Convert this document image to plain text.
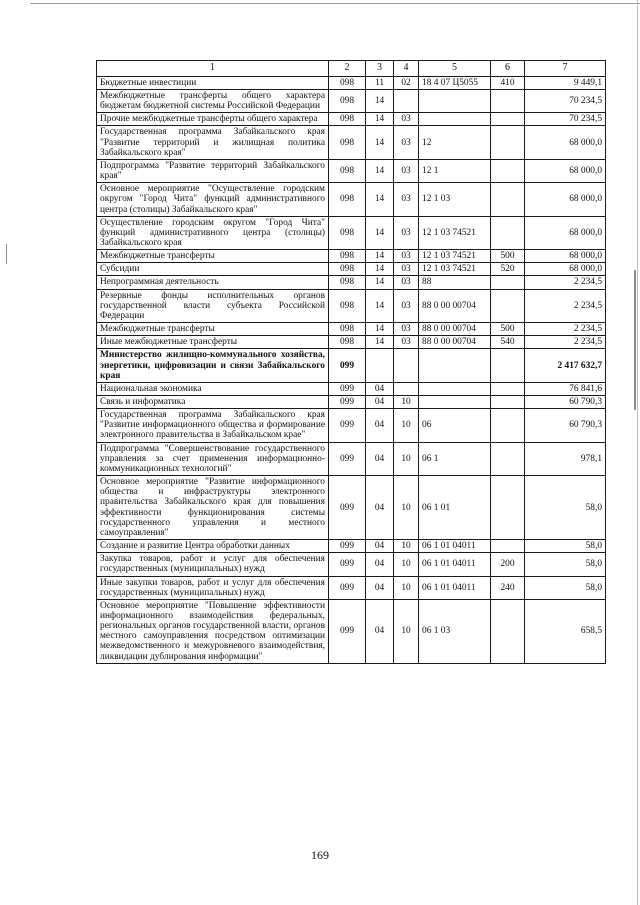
1	2	3	4	5	6	7
Бюджетные инвестиции	098	11	02	18 4 07 Ц5055	410	9 449,1
Межбюджетные трансферты общего характера бюджетам бюджетной системы Российской Федерации	098	14				70 234,5
Прочие межбюджетные трансферты общего характера	098	14	03			70 234,5
Государственная программа Забайкальского края "Развитие территорий и жилищная политика Забайкальского края"	098	14	03	12		68 000,0
Подпрограмма "Развитие территорий Забайкальского края"	098	14	03	12 1		68 000,0
Основное мероприятие "Осуществление городским округом "Город Чита" функций административного центра (столицы) Забайкальского края"	098	14	03	12 1 03		68 000,0
Осуществление городским округом "Город Чита" функций административного центра (столицы) Забайкальского края	098	14	03	12 1 03 74521		68 000,0
Межбюджетные трансферты	098	14	03	12 1 03 74521	500	68 000,0
Субсидии	098	14	03	12 1 03 74521	520	68 000,0
Непрограммная деятельность	098	14	03	88		2 234,5
Резервные фонды исполнительных органов государственной власти субъекта Российской Федерации	098	14	03	88 0 00 00704		2 234,5
Межбюджетные трансферты	098	14	03	88 0 00 00704	500	2 234,5
Иные межбюджетные трансферты	098	14	03	88 0 00 00704	540	2 234,5
Министерство жилищно-коммунального хозяйства, энергетики, цифровизации и связи Забайкальского края	099					2 417 632,7
Национальная экономика	099	04				76 841,6
Связь и информатика	099	04	10			60 790,3
Государственная программа Забайкальского края "Развитие информационного общества и формирование электронного правительства в Забайкальском крае"	099	04	10	06		60 790,3
Подпрограмма "Совершенствование государственного управления за счет применения информационно-коммуникационных технологий"	099	04	10	06 1		978,1
Основное мероприятие "Развитие информационного общества и инфраструктуры электронного правительства Забайкальского края для повышения эффективности функционирования системы государственного управления и местного самоуправления"	099	04	10	06 1 01		58,0
Создание и развитие Центра обработки данных	099	04	10	06 1 01 04011		58,0
Закупка товаров, работ и услуг для обеспечения государственных (муниципальных) нужд	099	04	10	06 1 01 04011	200	58,0
Иные закупки товаров, работ и услуг для обеспечения государственных (муниципальных) нужд	099	04	10	06 1 01 04011	240	58,0
Основное мероприятие "Повышение эффективности информационного взаимодействия федеральных, региональных органов государственной власти, органов местного самоуправления посредством оптимизации межведомственного и межуровневого взаимодействия, ликвидации дублирования информации"	099	04	10	06 1 03		658,5
169
